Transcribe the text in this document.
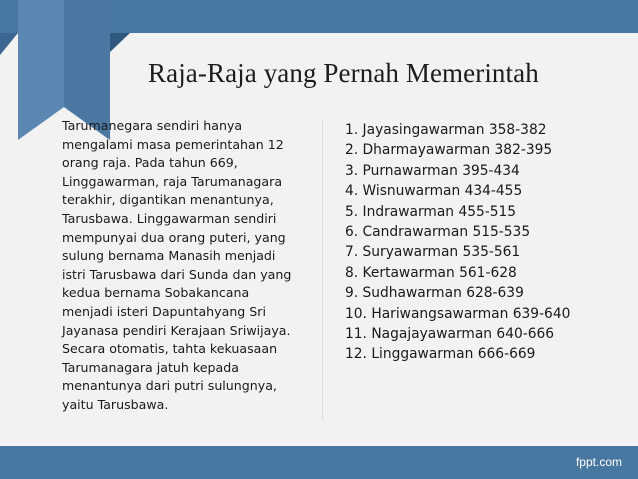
Raja-Raja yang Pernah Memerintah

Tarumanegara sendiri hanya
mengalami masa pemerintahan 12
orang raja. Pada tahun 669,
Linggawarman, raja Tarumanagara
terakhir, digantikan menantunya,
Tarusbawa. Linggawarman sendiri
mempunyai dua orang puteri, yang
sulung bernama Manasih menjadi
istri Tarusbawa dari Sunda dan yang
kedua bernama Sobakancana
menjadi isteri Dapuntahyang Sri
Jayanasa pendiri Kerajaan Sriwijaya.
Secara otomatis, tahta kekuasaan
Tarumanagara jatuh kepada
menantunya dari putri sulungnya,
yaitu Tarusbawa.

1. Jayasingawarman 358-382
2. Dharmayawarman 382-395
3. Purnawarman 395-434
4. Wisnuwarman 434-455
5. Indrawarman 455-515
6. Candrawarman 515-535
7. Suryawarman 535-561
8. Kertawarman 561-628
9. Sudhawarman 628-639
10. Hariwangsawarman 639-640
11. Nagajayawarman 640-666
12. Linggawarman 666-669
fppt.com
